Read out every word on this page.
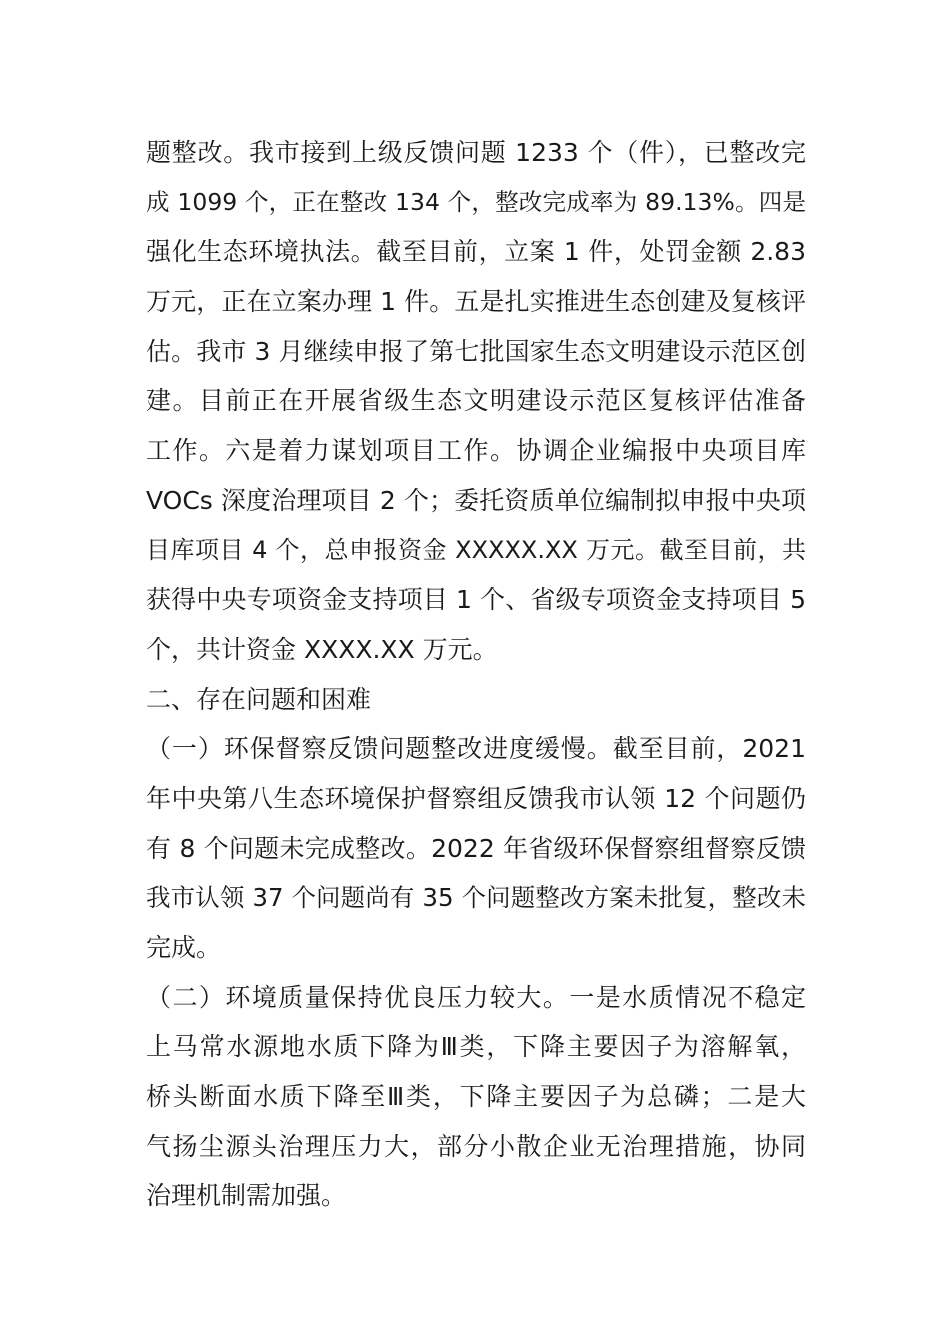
题整改。我市接到上级反馈问题 1233 个（件），已整改完
成 1099 个，正在整改 134 个，整改完成率为 89.13%。四是
强化生态环境执法。截至目前，立案 1 件，处罚金额 2.83
万元，正在立案办理 1 件。五是扎实推进生态创建及复核评
估。我市 3 月继续申报了第七批国家生态文明建设示范区创
建。目前正在开展省级生态文明建设示范区复核评估准备
工作。六是着力谋划项目工作。协调企业编报中央项目库
VOCs 深度治理项目 2 个；委托资质单位编制拟申报中央项
目库项目 4 个，总申报资金 XXXXX.XX 万元。截至目前，共
获得中央专项资金支持项目 1 个、省级专项资金支持项目 5
个，共计资金 XXXX.XX 万元。
二、存在问题和困难
（一）环保督察反馈问题整改进度缓慢。截至目前，2021
年中央第八生态环境保护督察组反馈我市认领 12 个问题仍
有 8 个问题未完成整改。2022 年省级环保督察组督察反馈
我市认领 37 个问题尚有 35 个问题整改方案未批复，整改未
完成。
（二）环境质量保持优良压力较大。一是水质情况不稳定
上马常水源地水质下降为Ⅲ类，下降主要因子为溶解氧，
桥头断面水质下降至Ⅲ类，下降主要因子为总磷；二是大
气扬尘源头治理压力大，部分小散企业无治理措施，协同
治理机制需加强。
